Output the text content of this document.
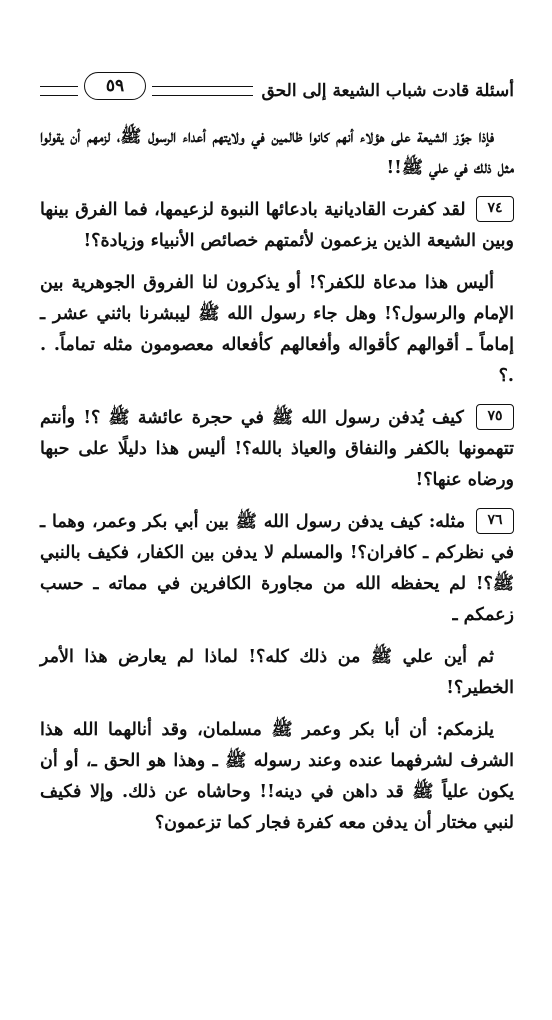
أسئلة قادت شباب الشيعة إلى الحق
٥٩

فإذا جوّز الشيعة على هؤلاء أنهم كانوا ظالمين في ولايتهم أعداء الرسول ﷺ، لزمهم أن يقولوا مثل ذلك في علي ﷺ!!

٧٤ لقد كفرت القاديانية بادعائها النبوة لزعيمها، فما الفرق بينها وبين الشيعة الذين يزعمون لأئمتهم خصائص الأنبياء وزيادة؟!

أليس هذا مدعاة للكفر؟! أو يذكرون لنا الفروق الجوهرية بين الإمام والرسول؟! وهل جاء رسول الله ﷺ ليبشرنا باثني عشر ـ إماماً ـ أقوالهم كأقواله وأفعالهم كأفعاله معصومون مثله تماماً. . .؟

٧٥ كيف يُدفن رسول الله ﷺ في حجرة عائشة ﷺ ؟! وأنتم تتهمونها بالكفر والنفاق والعياذ بالله؟! أليس هذا دليلًا على حبها ورضاه عنها؟!

٧٦ مثله: كيف يدفن رسول الله ﷺ بين أبي بكر وعمر، وهما ـ في نظركم ـ كافران؟! والمسلم لا يدفن بين الكفار، فكيف بالنبي ﷺ؟! لم يحفظه الله من مجاورة الكافرين في مماته ـ حسب زعمكم ـ

ثم أين علي ﷺ من ذلك كله؟! لماذا لم يعارض هذا الأمر الخطير؟!

يلزمكم: أن أبا بكر وعمر ﷺ مسلمان، وقد أنالهما الله هذا الشرف لشرفهما عنده وعند رسوله ﷺ ـ وهذا هو الحق ـ، أو أن يكون علياً ﷺ قد داهن في دينه!! وحاشاه عن ذلك. وإلا فكيف لنبي مختار أن يدفن معه كفرة فجار كما تزعمون؟
